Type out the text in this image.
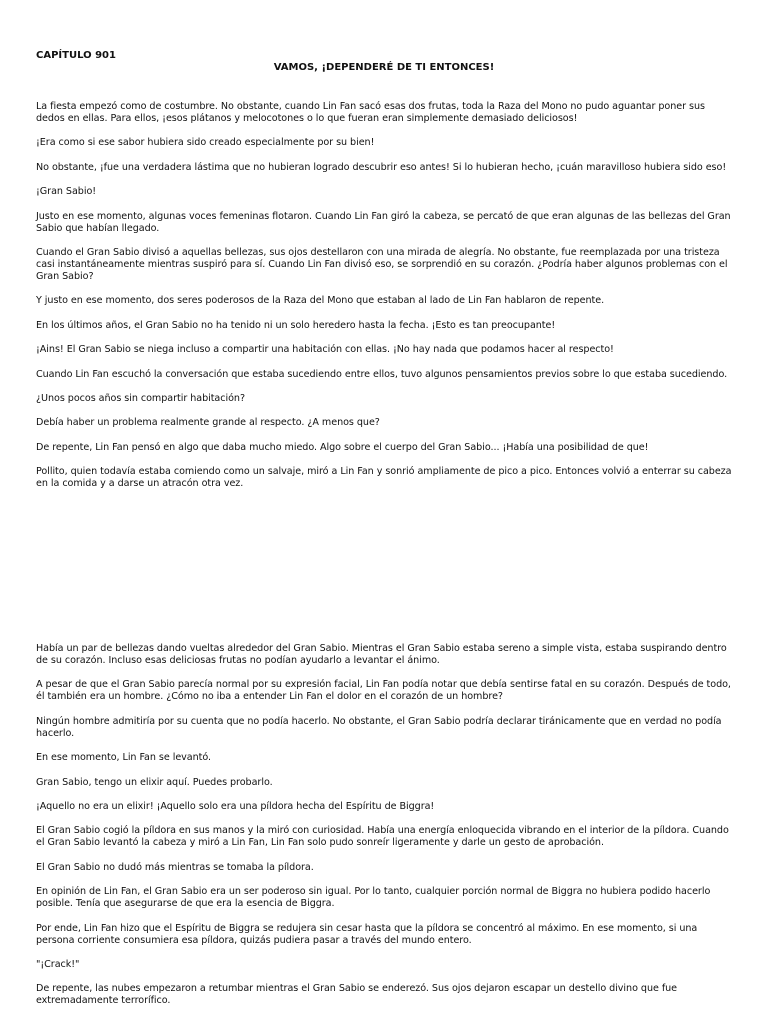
CAPÍTULO 901
VAMOS, ¡DEPENDERÉ DE TI ENTONCES!

La fiesta empezó como de costumbre. No obstante, cuando Lin Fan sacó esas dos frutas, toda la Raza del Mono no pudo aguantar poner sus dedos en ellas. Para ellos, ¡esos plátanos y melocotones o lo que fueran eran simplemente demasiado deliciosos!

¡Era como si ese sabor hubiera sido creado especialmente por su bien!

No obstante, ¡fue una verdadera lástima que no hubieran logrado descubrir eso antes! Si lo hubieran hecho, ¡cuán maravilloso hubiera sido eso!

¡Gran Sabio!

Justo en ese momento, algunas voces femeninas flotaron. Cuando Lin Fan giró la cabeza, se percató de que eran algunas de las bellezas del Gran Sabio que habían llegado.

Cuando el Gran Sabio divisó a aquellas bellezas, sus ojos destellaron con una mirada de alegría. No obstante, fue reemplazada por una tristeza casi instantáneamente mientras suspiró para sí. Cuando Lin Fan divisó eso, se sorprendió en su corazón. ¿Podría haber algunos problemas con el Gran Sabio?

Y justo en ese momento, dos seres poderosos de la Raza del Mono que estaban al lado de Lin Fan hablaron de repente.

En los últimos años, el Gran Sabio no ha tenido ni un solo heredero hasta la fecha. ¡Esto es tan preocupante!

¡Ains! El Gran Sabio se niega incluso a compartir una habitación con ellas. ¡No hay nada que podamos hacer al respecto!

Cuando Lin Fan escuchó la conversación que estaba sucediendo entre ellos, tuvo algunos pensamientos previos sobre lo que estaba sucediendo.

¿Unos pocos años sin compartir habitación?

Debía haber un problema realmente grande al respecto. ¿A menos que?

De repente, Lin Fan pensó en algo que daba mucho miedo. Algo sobre el cuerpo del Gran Sabio... ¡Había una posibilidad de que!

Pollito, quien todavía estaba comiendo como un salvaje, miró a Lin Fan y sonrió ampliamente de pico a pico. Entonces volvió a enterrar su cabeza en la comida y a darse un atracón otra vez.

Había un par de bellezas dando vueltas alrededor del Gran Sabio. Mientras el Gran Sabio estaba sereno a simple vista, estaba suspirando dentro de su corazón. Incluso esas deliciosas frutas no podían ayudarlo a levantar el ánimo.

A pesar de que el Gran Sabio parecía normal por su expresión facial, Lin Fan podía notar que debía sentirse fatal en su corazón. Después de todo, él también era un hombre. ¿Cómo no iba a entender Lin Fan el dolor en el corazón de un hombre?

Ningún hombre admitiría por su cuenta que no podía hacerlo. No obstante, el Gran Sabio podría declarar tiránicamente que en verdad no podía hacerlo.

En ese momento, Lin Fan se levantó.

Gran Sabio, tengo un elixir aquí. Puedes probarlo.

¡Aquello no era un elixir! ¡Aquello solo era una píldora hecha del Espíritu de Biggra!

El Gran Sabio cogió la píldora en sus manos y la miró con curiosidad. Había una energía enloquecida vibrando en el interior de la píldora. Cuando el Gran Sabio levantó la cabeza y miró a Lin Fan, Lin Fan solo pudo sonreír ligeramente y darle un gesto de aprobación.

El Gran Sabio no dudó más mientras se tomaba la píldora.

En opinión de Lin Fan, el Gran Sabio era un ser poderoso sin igual. Por lo tanto, cualquier porción normal de Biggra no hubiera podido hacerlo posible. Tenía que asegurarse de que era la esencia de Biggra.

Por ende, Lin Fan hizo que el Espíritu de Biggra se redujera sin cesar hasta que la píldora se concentró al máximo. En ese momento, si una persona corriente consumiera esa píldora, quizás pudiera pasar a través del mundo entero.

"¡Crack!"

De repente, las nubes empezaron a retumbar mientras el Gran Sabio se enderezó. Sus ojos dejaron escapar un destello divino que fue extremadamente terrorífico.
